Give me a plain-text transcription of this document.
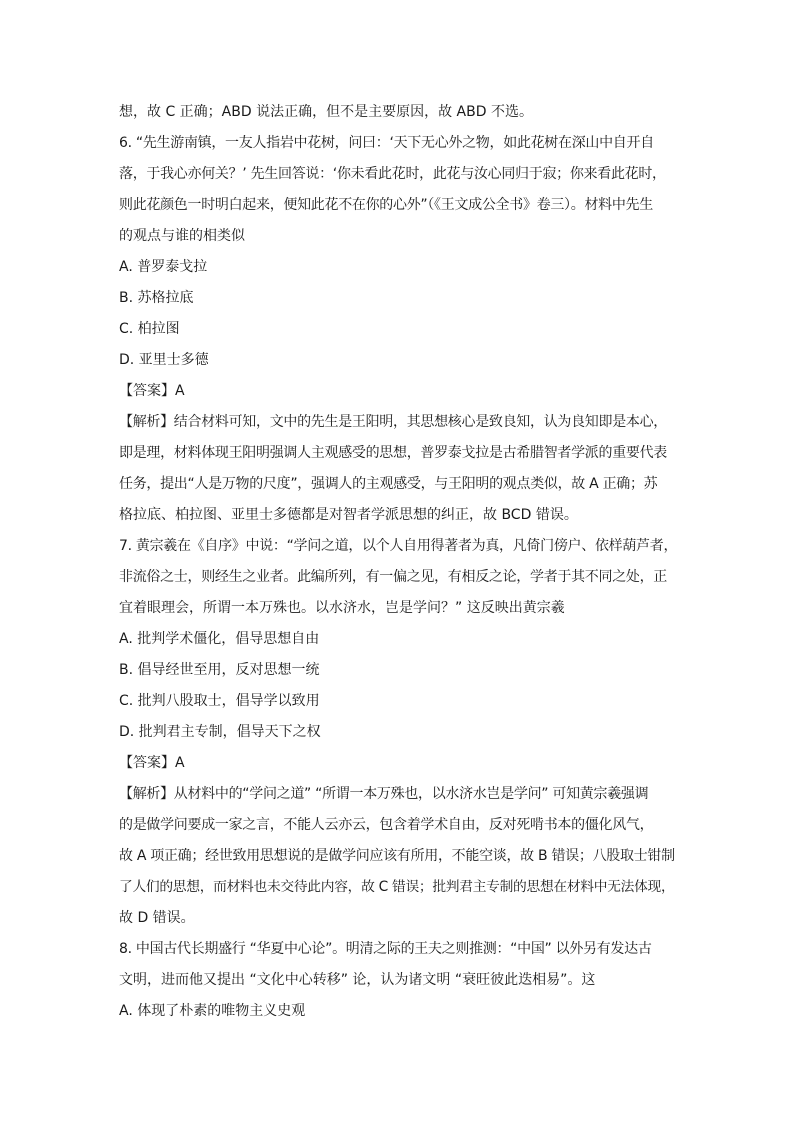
想，故 C 正确；ABD 说法正确，但不是主要原因，故 ABD 不选。
6. “先生游南镇，一友人指岩中花树，问曰：‘天下无心外之物，如此花树在深山中自开自
落，于我心亦何关？’ 先生回答说：‘你未看此花时，此花与汝心同归于寂；你来看此花时，
则此花颜色一时明白起来，便知此花不在你的心外”（《王文成公全书》卷三）。材料中先生
的观点与谁的相类似
A. 普罗泰戈拉
B. 苏格拉底
C. 柏拉图
D. 亚里士多德
【答案】A
【解析】结合材料可知，文中的先生是王阳明，其思想核心是致良知，认为良知即是本心，
即是理，材料体现王阳明强调人主观感受的思想，普罗泰戈拉是古希腊智者学派的重要代表
任务，提出“人是万物的尺度”，强调人的主观感受，与王阳明的观点类似，故 A 正确；苏
格拉底、柏拉图、亚里士多德都是对智者学派思想的纠正，故 BCD 错误。
7. 黄宗羲在《自序》中说：“学问之道，以个人自用得著者为真，凡倚门傍户、依样葫芦者，
非流俗之士，则经生之业者。此编所列，有一偏之见，有相反之论，学者于其不同之处，正
宜着眼理会，所谓一本万殊也。以水济水，岂是学问？” 这反映出黄宗羲
A. 批判学术僵化，倡导思想自由
B. 倡导经世至用，反对思想一统
C. 批判八股取士，倡导学以致用
D. 批判君主专制，倡导天下之权
【答案】A
【解析】从材料中的“学问之道” “所谓一本万殊也，以水济水岂是学问” 可知黄宗羲强调
的是做学问要成一家之言，不能人云亦云，包含着学术自由，反对死啃书本的僵化风气，
故 A 项正确；经世致用思想说的是做学问应该有所用，不能空谈，故 B 错误；八股取士钳制
了人们的思想，而材料也未交待此内容，故 C 错误；批判君主专制的思想在材料中无法体现，
故 D 错误。
8. 中国古代长期盛行 “华夏中心论”。明清之际的王夫之则推测：“中国” 以外另有发达古
文明，进而他又提出 “文化中心转移” 论，认为诸文明 “衰旺彼此迭相易”。这
A. 体现了朴素的唯物主义史观
